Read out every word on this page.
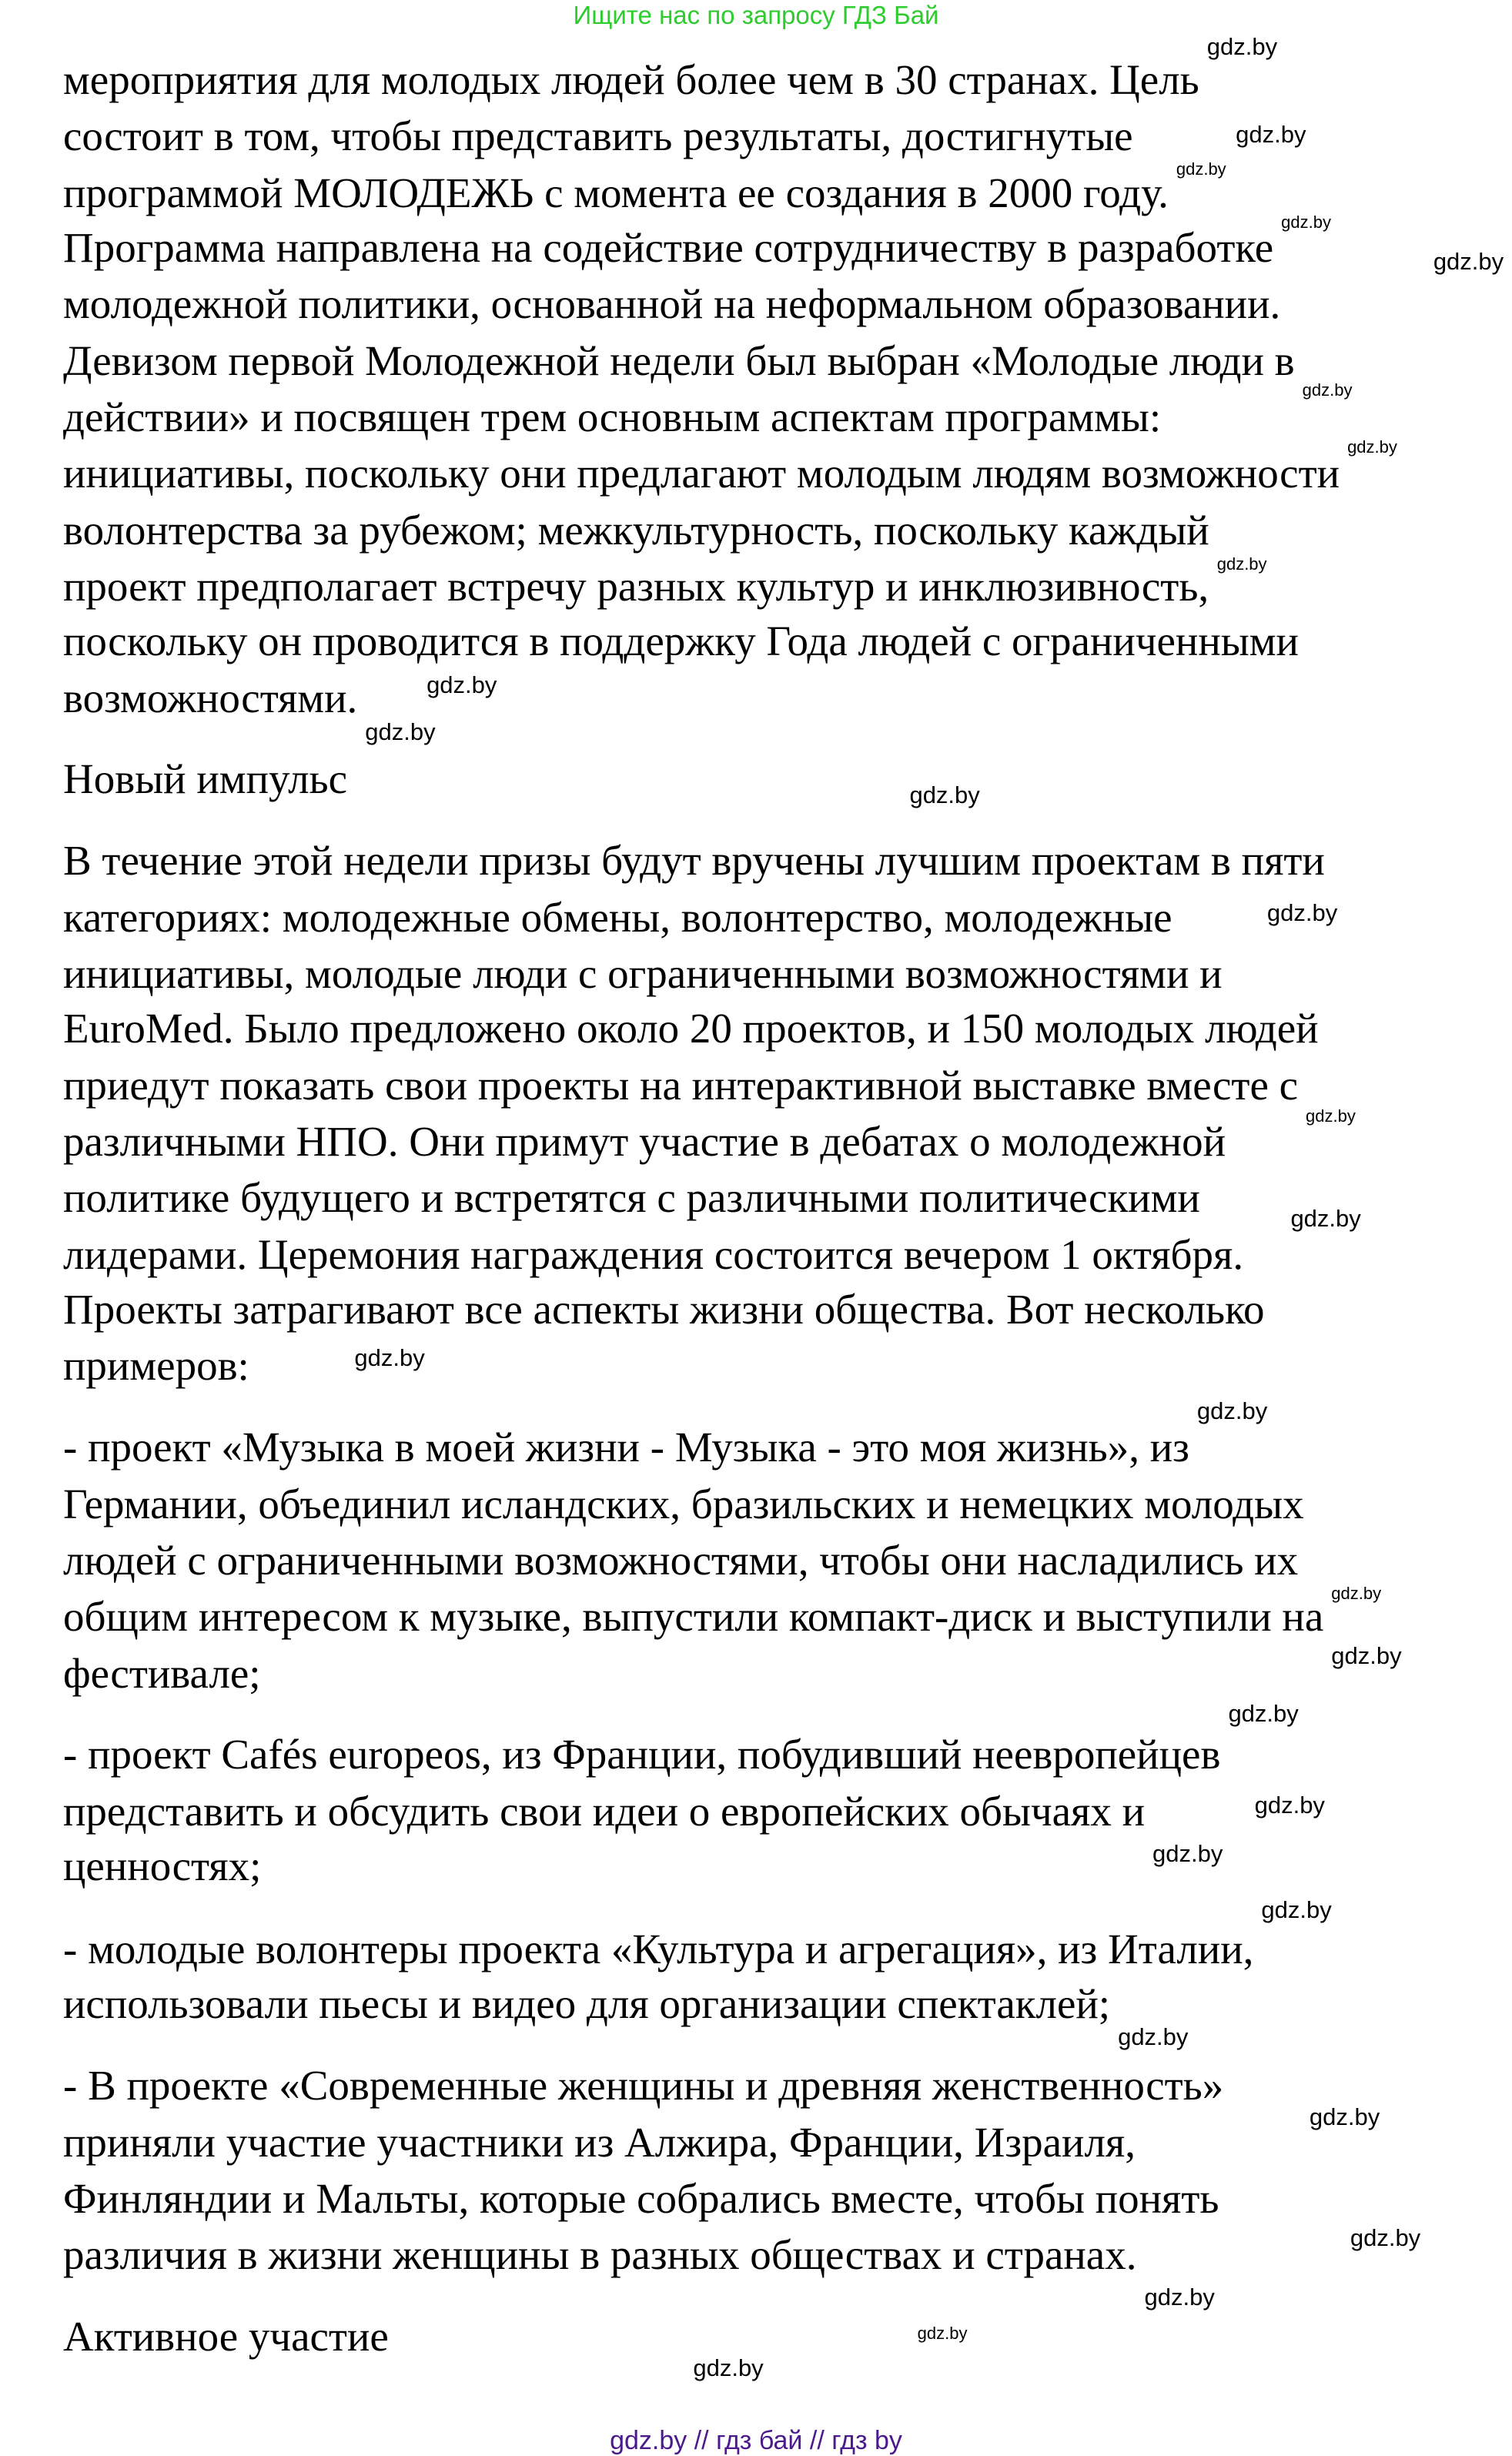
Ищите нас по запросу ГДЗ Бай
мероприятия для молодых людей более чем в 30 странах. Цель
состоит в том, чтобы представить результаты, достигнутые
программой МОЛОДЕЖЬ с момента ее создания в 2000 году.
Программа направлена на содействие сотрудничеству в разработке
молодежной политики, основанной на неформальном образовании.
Девизом первой Молодежной недели был выбран «Молодые люди в
действии» и посвящен трем основным аспектам программы:
инициативы, поскольку они предлагают молодым людям возможности
волонтерства за рубежом; межкультурность, поскольку каждый
проект предполагает встречу разных культур и инклюзивность,
поскольку он проводится в поддержку Года людей с ограниченными
возможностями.
Новый импульс
В течение этой недели призы будут вручены лучшим проектам в пяти
категориях: молодежные обмены, волонтерство, молодежные
инициативы, молодые люди с ограниченными возможностями и
EuroMed. Было предложено около 20 проектов, и 150 молодых людей
приедут показать свои проекты на интерактивной выставке вместе с
различными НПО. Они примут участие в дебатах о молодежной
политике будущего и встретятся с различными политическими
лидерами. Церемония награждения состоится вечером 1 октября.
Проекты затрагивают все аспекты жизни общества. Вот несколько
примеров:
- проект «Музыка в моей жизни - Музыка - это моя жизнь», из
Германии, объединил исландских, бразильских и немецких молодых
людей с ограниченными возможностями, чтобы они насладились их
общим интересом к музыке, выпустили компакт-диск и выступили на
фестивале;
- проект Cafés europeos, из Франции, побудивший неевропейцев
представить и обсудить свои идеи о европейских обычаях и
ценностях;
- молодые волонтеры проекта «Культура и агрегация», из Италии,
использовали пьесы и видео для организации спектаклей;
- В проекте «Современные женщины и древняя женственность»
приняли участие участники из Алжира, Франции, Израиля,
Финляндии и Мальты, которые собрались вместе, чтобы понять
различия в жизни женщины в разных обществах и странах.
Активное участие
gdz.by
gdz.by
gdz.by
gdz.by
gdz.by
gdz.by
gdz.by
gdz.by
gdz.by
gdz.by
gdz.by
gdz.by
gdz.by
gdz.by
gdz.by
gdz.by
gdz.by
gdz.by
gdz.by
gdz.by
gdz.by
gdz.by
gdz.by
gdz.by
gdz.by
gdz.by
gdz.by
gdz.by
gdz.by // гдз бай // гдз by
